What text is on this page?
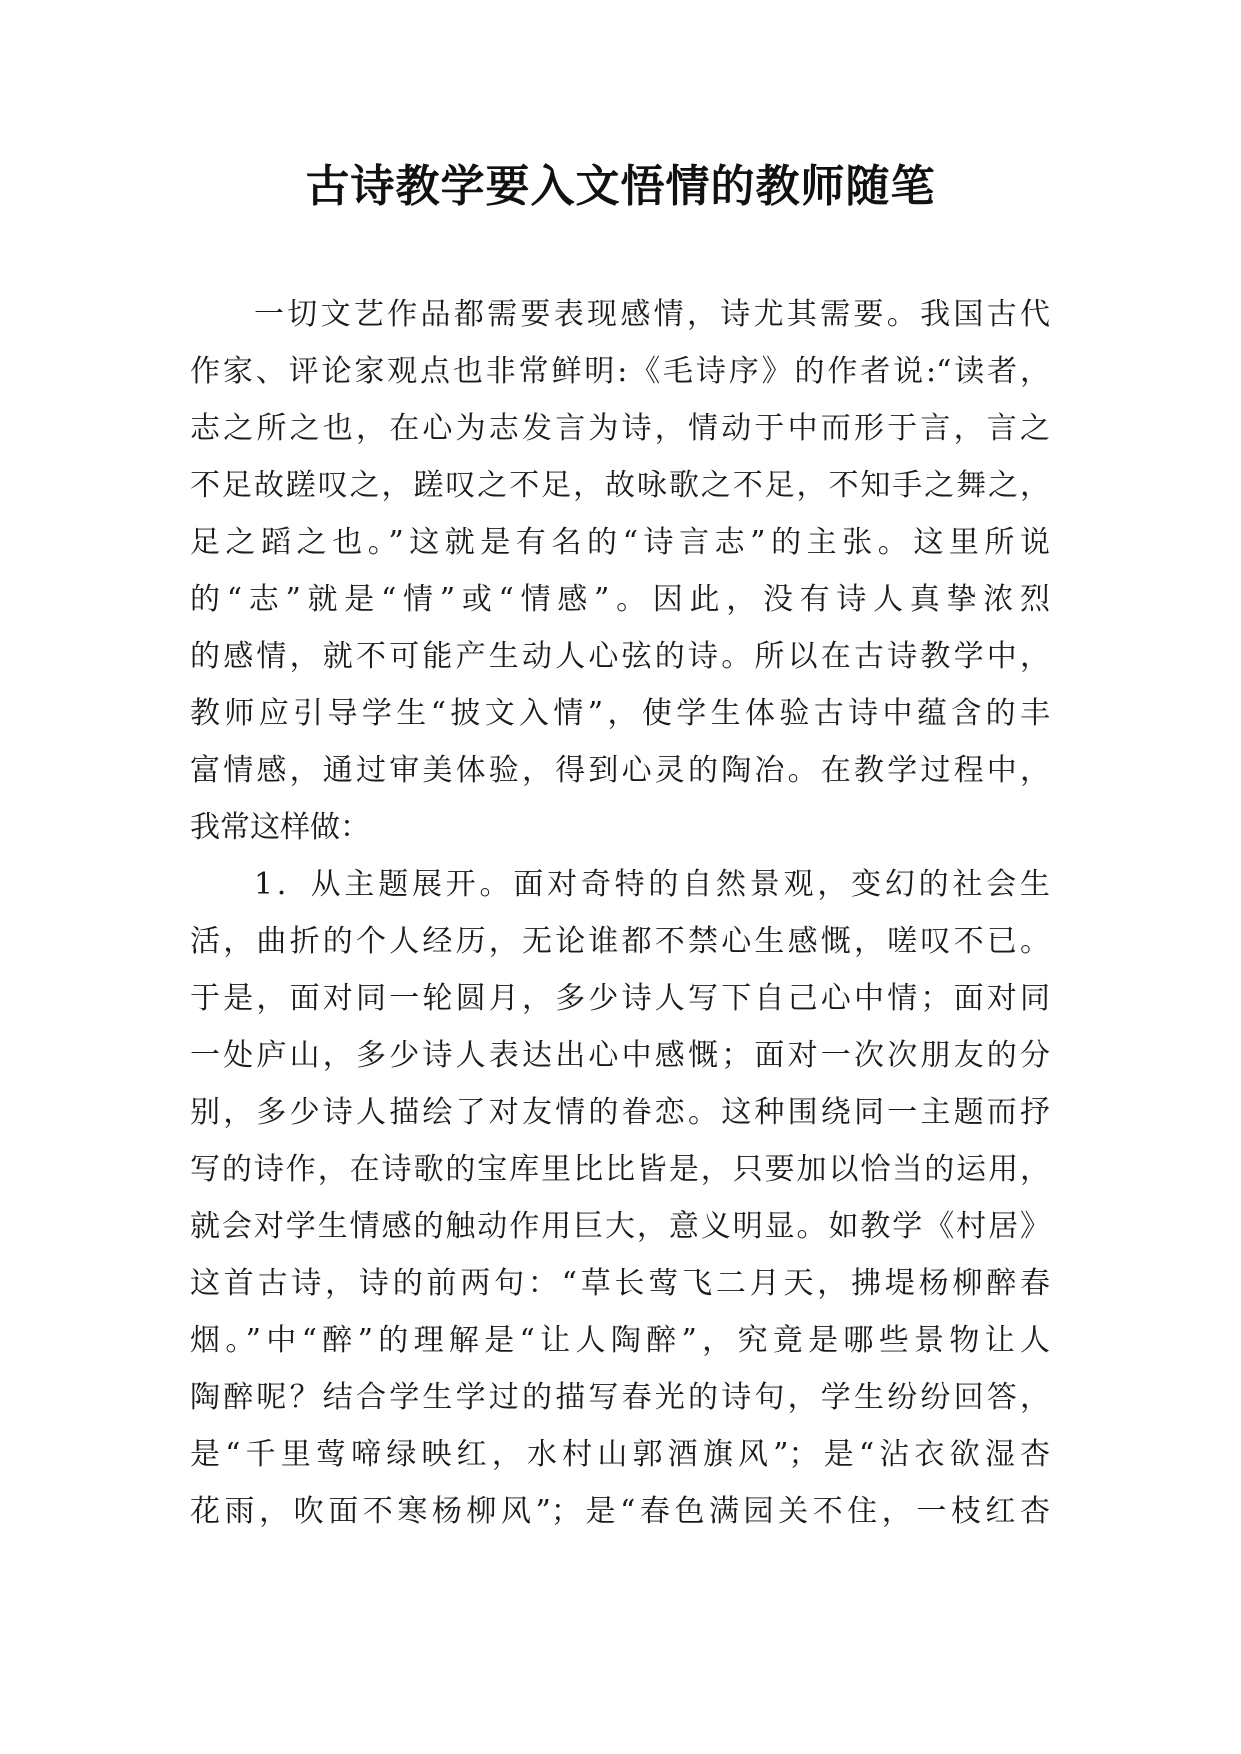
古诗教学要入文悟情的教师随笔
一切文艺作品都需要表现感情，诗尤其需要。我国古代
作家、评论家观点也非常鲜明:《毛诗序》的作者说:“读者，
志之所之也，在心为志发言为诗，情动于中而形于言，言之
不足故蹉叹之，蹉叹之不足，故咏歌之不足，不知手之舞之，
足之蹈之也。”这就是有名的“诗言志”的主张。这里所说
的“志”就是“情”或“情感”。因此，没有诗人真挚浓烈
的感情，就不可能产生动人心弦的诗。所以在古诗教学中，
教师应引导学生“披文入情”，使学生体验古诗中蕴含的丰
富情感，通过审美体验，得到心灵的陶冶。在教学过程中，
我常这样做：
1．从主题展开。面对奇特的自然景观，变幻的社会生
活，曲折的个人经历，无论谁都不禁心生感慨，嗟叹不已。
于是，面对同一轮圆月，多少诗人写下自己心中情；面对同
一处庐山，多少诗人表达出心中感慨；面对一次次朋友的分
别，多少诗人描绘了对友情的眷恋。这种围绕同一主题而抒
写的诗作，在诗歌的宝库里比比皆是，只要加以恰当的运用，
就会对学生情感的触动作用巨大，意义明显。如教学《村居》
这首古诗，诗的前两句：“草长莺飞二月天，拂堤杨柳醉春
烟。”中“醉”的理解是“让人陶醉”，究竟是哪些景物让人
陶醉呢？结合学生学过的描写春光的诗句，学生纷纷回答，
是“千里莺啼绿映红，水村山郭酒旗风”；是“沾衣欲湿杏
花雨，吹面不寒杨柳风”；是“春色满园关不住，一枝红杏
